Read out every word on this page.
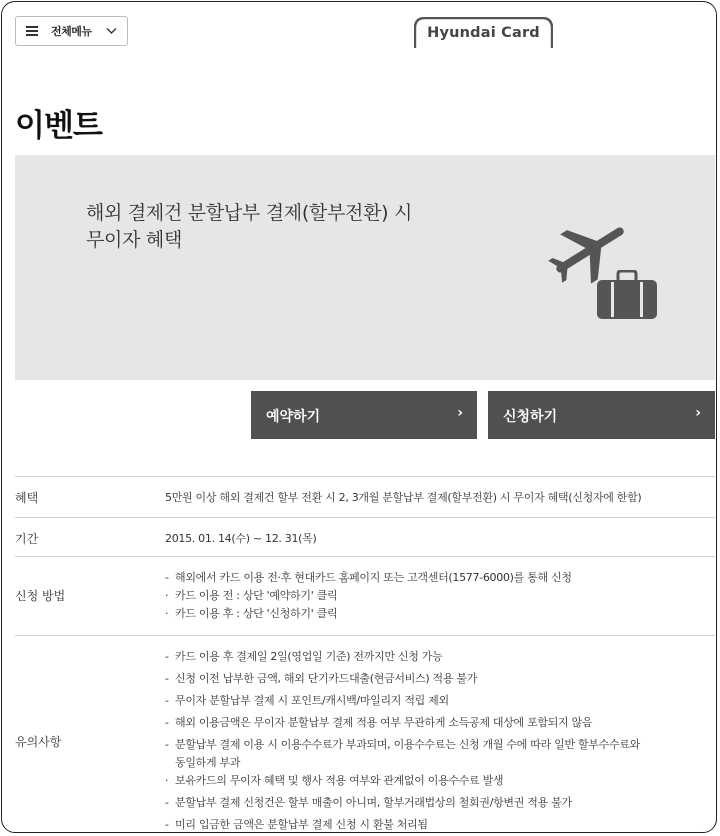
전체메뉴	Hyundai Card
이벤트
해외 결제건 분할납부 결제(할부전환) 시
무이자 혜택
예약하기	›	신청하기	›
혜택	5만원 이상 해외 결제건 할부 전환 시 2, 3개월 분할납부 결제(할부전환) 시 무이자 혜택(신청자에 한함)
기간	2015. 01. 14(수) ~ 12. 31(목)
신청 방법
- 해외에서 카드 이용 전·후 현대카드 홈페이지 또는 고객센터(1577-6000)를 통해 신청
· 카드 이용 전 : 상단 '예약하기' 클릭
· 카드 이용 후 : 상단 '신청하기' 클릭
유의사항
- 카드 이용 후 결제일 2일(영업일 기준) 전까지만 신청 가능
- 신청 이전 납부한 금액, 해외 단기카드대출(현금서비스) 적용 불가
- 무이자 분할납부 결제 시 포인트/캐시백/마일리지 적립 제외
- 해외 이용금액은 무이자 분할납부 결제 적용 여부 무관하게 소득공제 대상에 포함되지 않음
- 분할납부 결제 이용 시 이용수수료가 부과되며, 이용수수료는 신청 개월 수에 따라 일반 할부수수료와
동일하게 부과
· 보유카드의 무이자 혜택 및 행사 적용 여부와 관계없이 이용수수료 발생
- 분할납부 결제 신청건은 할부 매출이 아니며, 할부거래법상의 철회권/항변권 적용 불가
- 미리 입금한 금액은 분할납부 결제 신청 시 환불 처리됨
